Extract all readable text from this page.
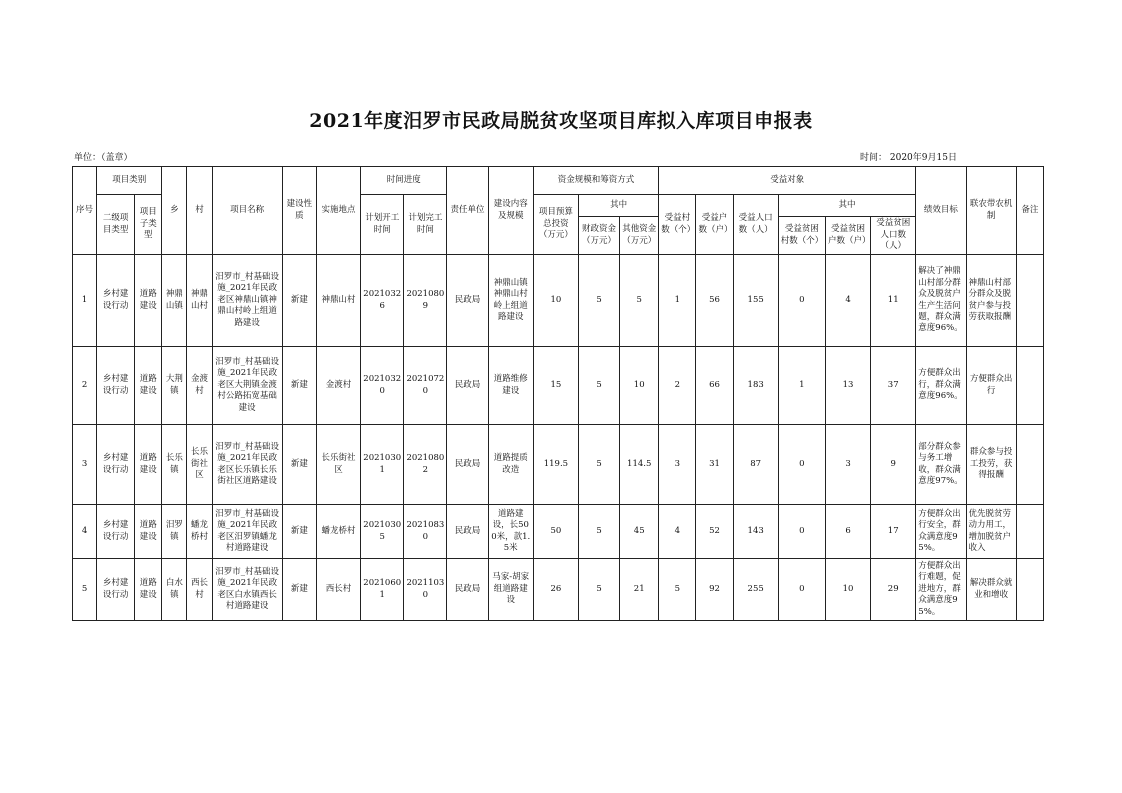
2021年度汨罗市民政局脱贫攻坚项目库拟入库项目申报表
单位：（盖章）	时间： 2020年9月15日
序号	项目类别		乡	村	项目名称	建设性质	实施地点	时间进度		责任单位	建设内容及规模	资金规模和筹资方式			受益对象						绩效目标	联农带农机制	备注
	二级项目类型	项目子类型						计划开工时间	计划完工时间			项目预算总投资（万元）	其中		受益村数（个）	受益户数（户）	受益人口数（人）	其中					
													财政资金（万元）	其他资金（万元）				受益贫困村数（个）	受益贫困户数（户）	受益贫困人口数（人）			
1	乡村建设行动	道路建设	神鼎山镇	神鼎山村	汨罗市_村基础设施_2021年民政老区神鼎山镇神鼎山村岭上组道路建设	新建	神鼎山村	20210326	20210809	民政局	神鼎山镇神鼎山村岭上组道路建设	10	5	5	1	56	155	0	4	11	解决了神鼎山村部分群众及脱贫户生产生活问题，群众满意度96%。	神鼎山村部分群众及脱贫户参与投劳获取报酬	
2	乡村建设行动	道路建设	大荆镇	金渡村	汨罗市_村基础设施_2021年民政老区大荆镇金渡村公路拓宽基础建设	新建	金渡村	20210320	20210720	民政局	道路维修建设	15	5	10	2	66	183	1	13	37	方便群众出行，群众满意度96%。	方便群众出行	
3	乡村建设行动	道路建设	长乐镇	长乐街社区	汨罗市_村基础设施_2021年民政老区长乐镇长乐街社区道路建设	新建	长乐街社区	20210301	20210802	民政局	道路提质改造	119.5	5	114.5	3	31	87	0	3	9	部分群众参与务工增收，群众满意度97%。	群众参与投工投劳，获得报酬	
4	乡村建设行动	道路建设	汨罗镇	蟠龙桥村	汨罗市_村基础设施_2021年民政老区汨罗镇蟠龙村道路建设	新建	蟠龙桥村	20210305	20210830	民政局	道路建设，长500米，款1.5米	50	5	45	4	52	143	0	6	17	方便群众出行安全，群众满意度95%。	优先脱贫劳动力用工，增加脱贫户收入	
5	乡村建设行动	道路建设	白水镇	西长村	汨罗市_村基础设施_2021年民政老区白水镇西长村道路建设	新建	西长村	20210601	20211030	民政局	马家-胡家组道路建设	26	5	21	5	92	255	0	10	29	方便群众出行难题，促进地方，群众满意度95%。	解决群众就业和增收	
